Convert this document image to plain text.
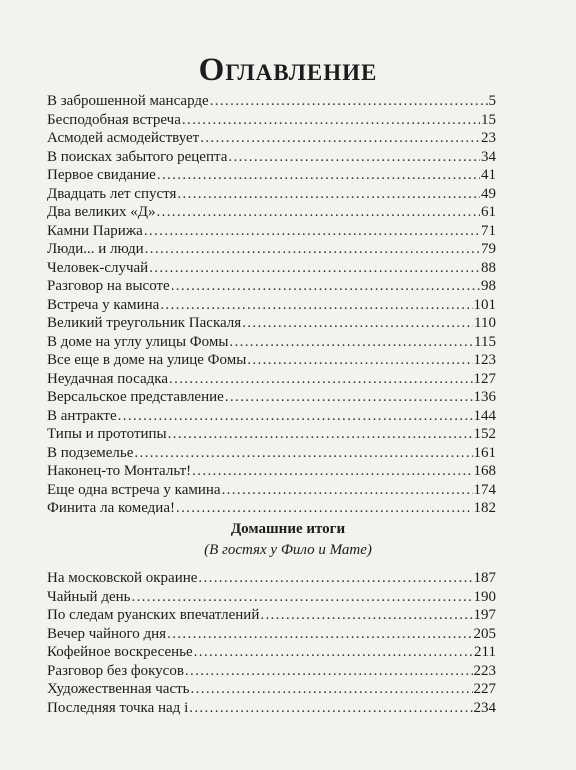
Оглавление
В заброшенной мансарде . . .	5
Бесподобная встреча . . .	15
Асмодей асмодействует . . .	23
В поисках забытого рецепта . . .	34
Первое свидание . . .	41
Двадцать лет спустя . . .	49
Два великих «Д» . . .	61
Камни Парижа . . .	71
Люди... и люди . . .	79
Человек-случай . . .	88
Разговор на высоте . . .	98
Встреча у камина . . .	101
Великий треугольник Паскаля . . .	110
В доме на углу улицы Фомы . . .	115
Все еще в доме на улице Фомы . . .	123
Неудачная посадка . . .	127
Версальское представление . . .	136
В антракте . . .	144
Типы и прототипы . . .	152
В подземелье . . .	161
Наконец-то Монтальт! . . .	168
Еще одна встреча у камина . . .	174
Финита ла комедиа! . . .	182
Домашние итоги
(В гостях у Фило и Мате)
На московской окраине . . .	187
Чайный день . . .	190
По следам руанских впечатлений . . .	197
Вечер чайного дня . . .	205
Кофейное воскресенье . . .	211
Разговор без фокусов . . .	223
Художественная часть . . .	227
Последняя точка над і . . .	234
